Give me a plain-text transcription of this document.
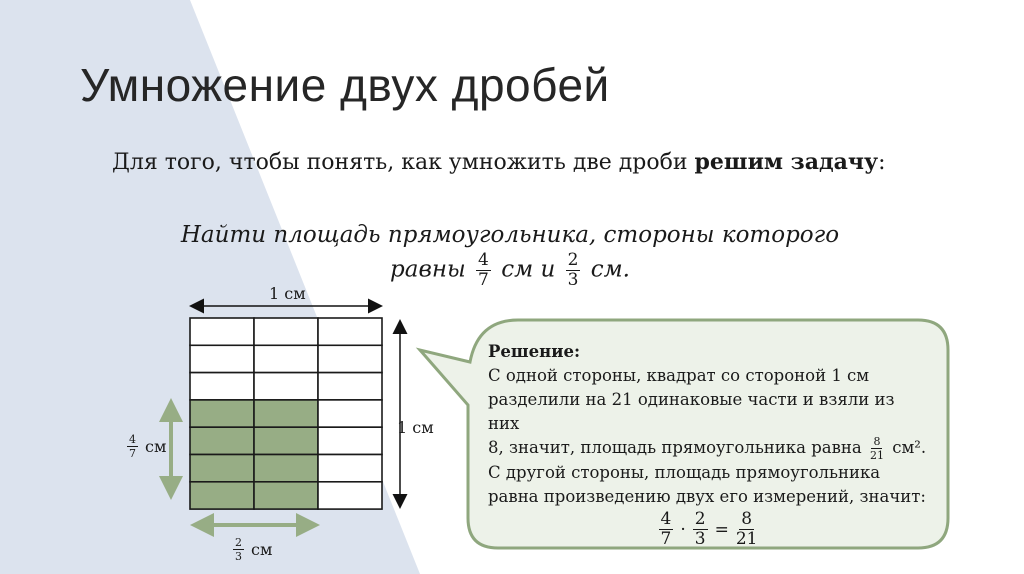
Умножение двух дробей
Для того, чтобы понять, как умножить две дроби решим задачу:
Найти площадь прямоугольника, стороны которого
равны $\frac{4}{7}$ см и $\frac{2}{3}$ см.
1 см
1 см
$\frac{4}{7}$ см
$\frac{2}{3}$ см
Решение:
С одной стороны, квадрат со стороной 1 см
разделили на 21 одинаковые части и взяли из них
8, значит, площадь прямоугольника равна $\frac{8}{21} см^2$.
С другой стороны, площадь прямоугольника
равна произведению двух его измерений, значит:
$\frac{4}{7} \cdot \frac{2}{3} = \frac{8}{21}$
